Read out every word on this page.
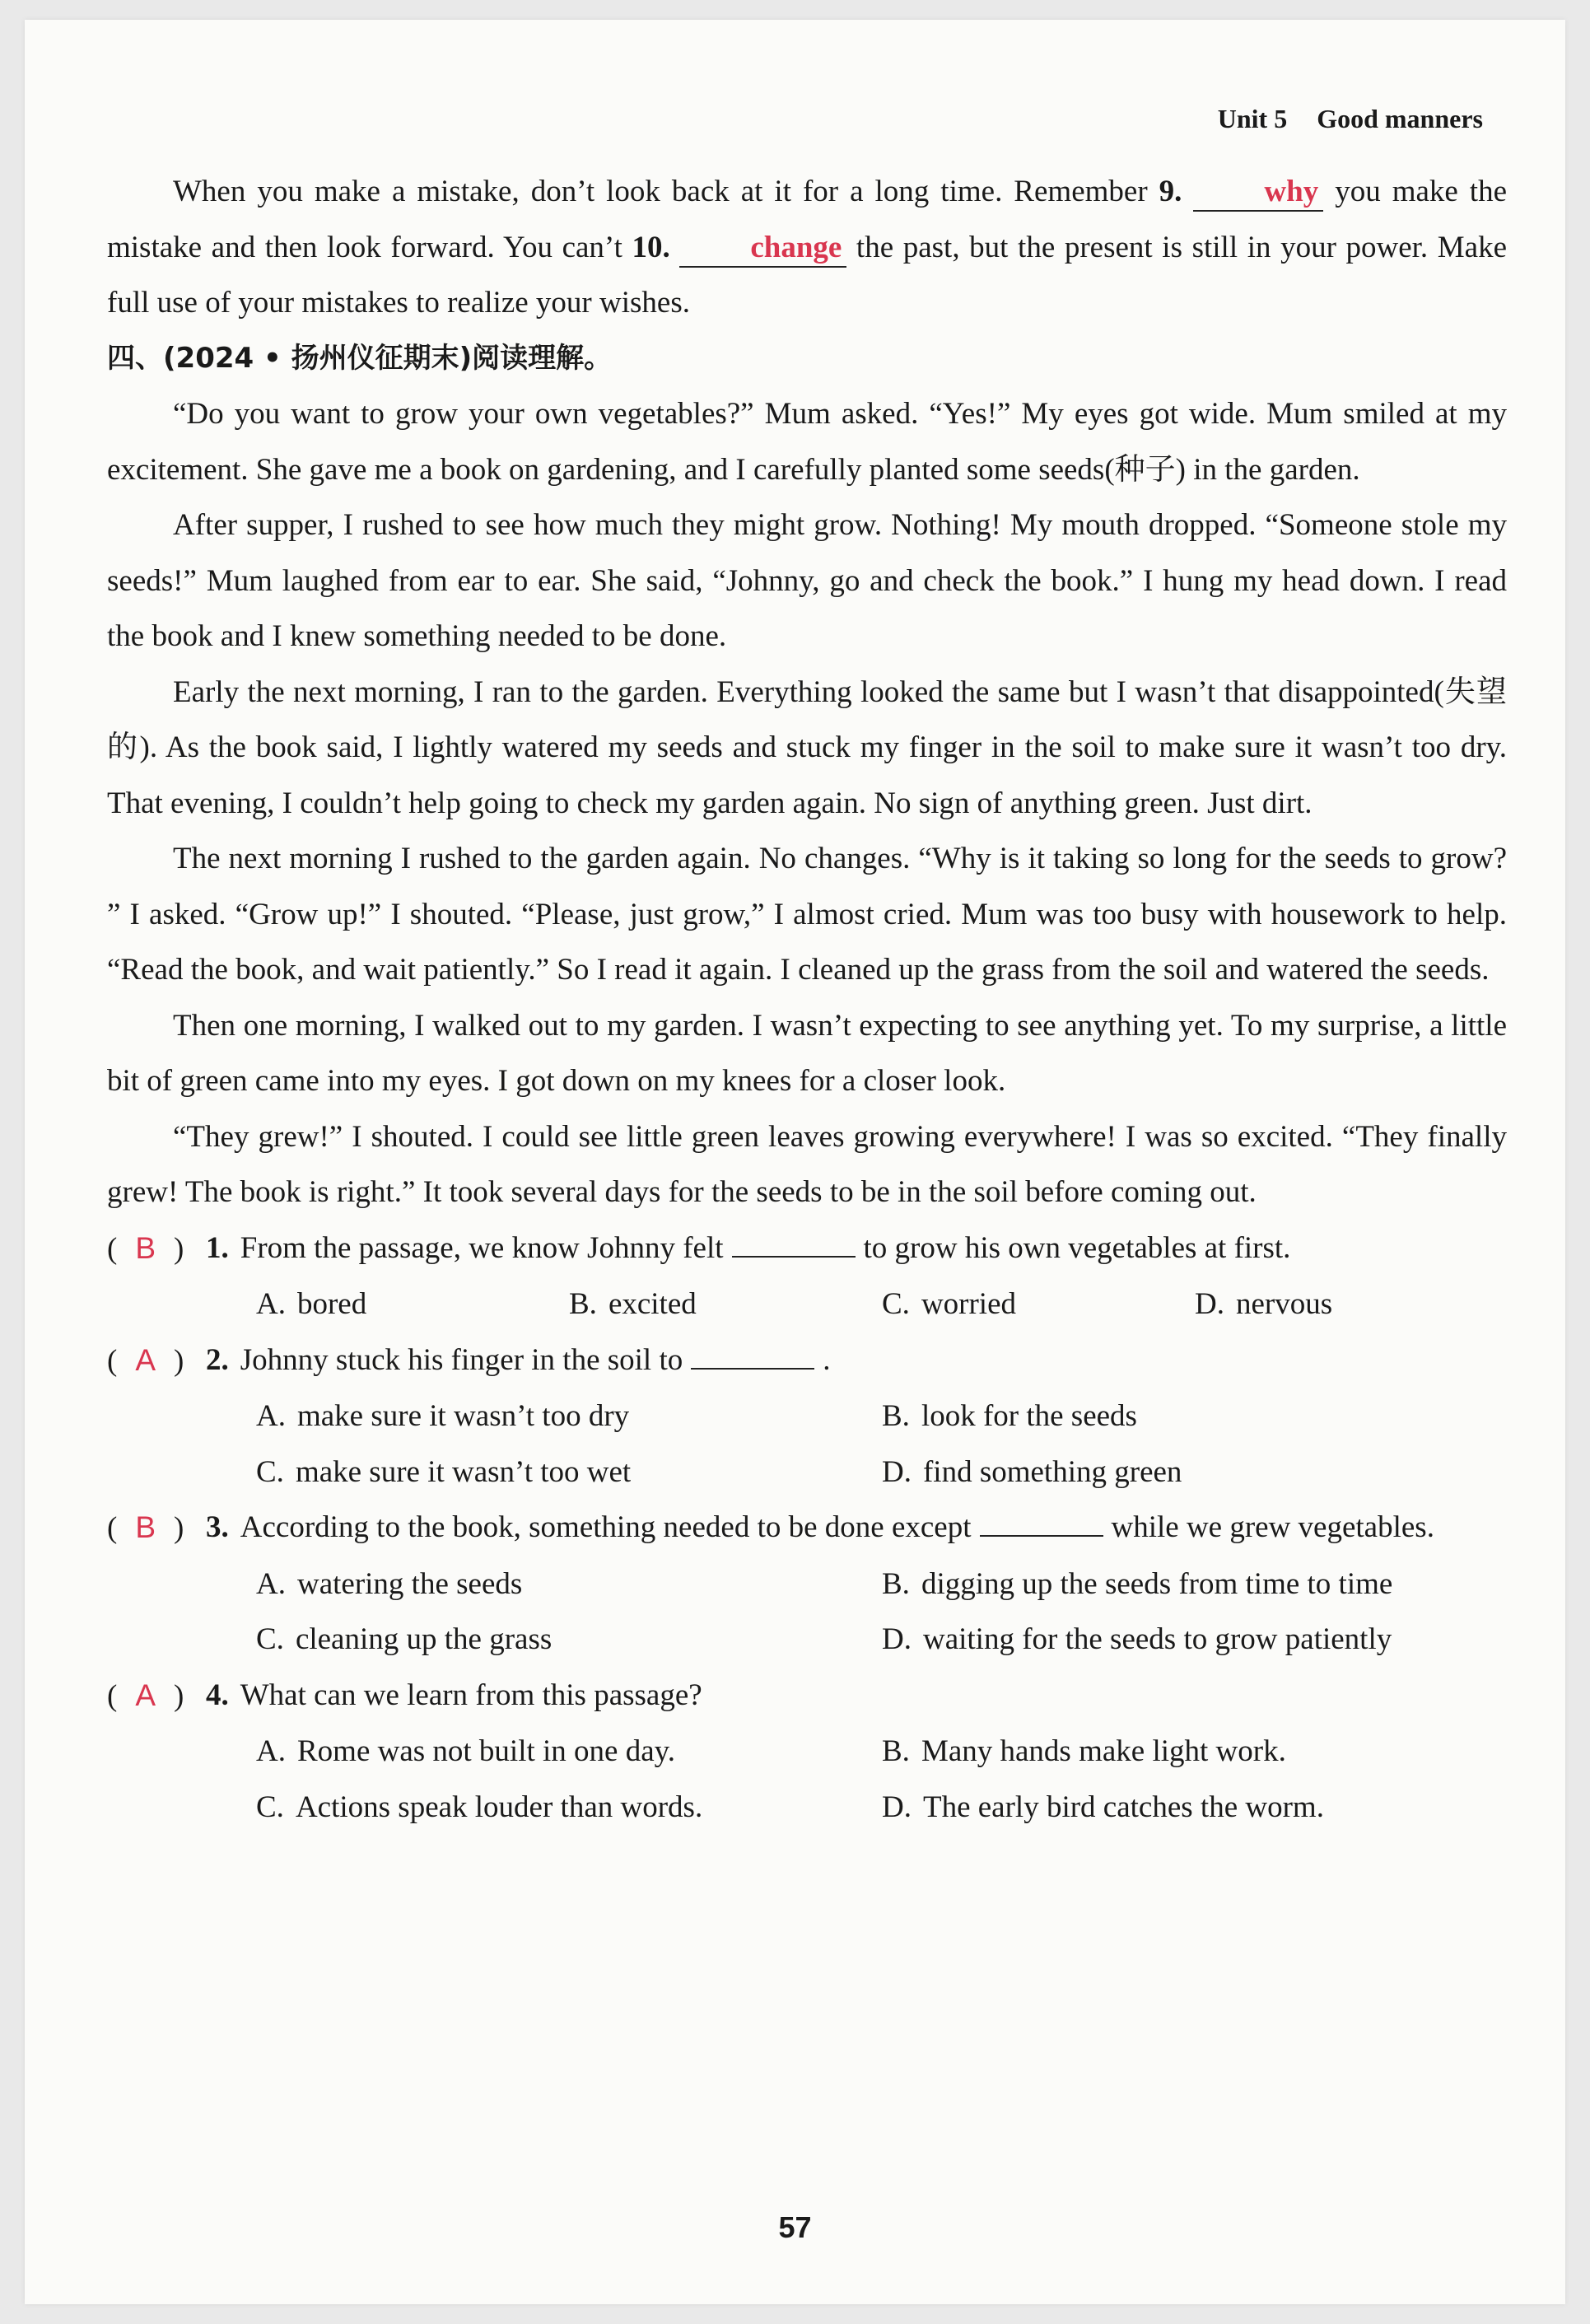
Unit 5 Good manners

When you make a mistake, don’t look back at it for a long time. Remember 9.	why you make the mistake and then look forward. You can’t 10.	change the past, but the present is still in your power. Make full use of your mistakes to realize your wishes.

四、(2024 • 扬州仪征期末)阅读理解。

“Do you want to grow your own vegetables?” Mum asked. “Yes!” My eyes got wide. Mum smiled at my excitement. She gave me a book on gardening, and I carefully planted some seeds(种子) in the garden.

After supper, I rushed to see how much they might grow. Nothing! My mouth dropped. “Someone stole my seeds!” Mum laughed from ear to ear. She said, “Johnny, go and check the book.” I hung my head down. I read the book and I knew something needed to be done.

Early the next morning, I ran to the garden. Everything looked the same but I wasn’t that disappointed(失望的). As the book said, I lightly watered my seeds and stuck my finger in the soil to make sure it wasn’t too dry. That evening, I couldn’t help going to check my garden again. No sign of anything green. Just dirt.

The next morning I rushed to the garden again. No changes. “Why is it taking so long for the seeds to grow? ” I asked. “Grow up!” I shouted. “Please, just grow,” I almost cried. Mum was too busy with housework to help. “Read the book, and wait patiently.” So I read it again. I cleaned up the grass from the soil and watered the seeds.

Then one morning, I walked out to my garden. I wasn’t expecting to see anything yet. To my surprise, a little bit of green came into my eyes. I got down on my knees for a closer look.

“They grew!” I shouted. I could see little green leaves growing everywhere! I was so excited. “They finally grew! The book is right.” It took several days for the seeds to be in the soil before coming out.

( B ) 1. From the passage, we know Johnny felt	to grow his own vegetables at first.
A. bored	B. excited	C. worried	D. nervous
( A ) 2. Johnny stuck his finger in the soil to	.
A. make sure it wasn’t too dry	B. look for the seeds
C. make sure it wasn’t too wet	D. find something green
( B ) 3. According to the book, something needed to be done except	while we grew vegetables.
A. watering the seeds	B. digging up the seeds from time to time
C. cleaning up the grass	D. waiting for the seeds to grow patiently
( A ) 4. What can we learn from this passage?
A. Rome was not built in one day.	B. Many hands make light work.
C. Actions speak louder than words.	D. The early bird catches the worm.
57
